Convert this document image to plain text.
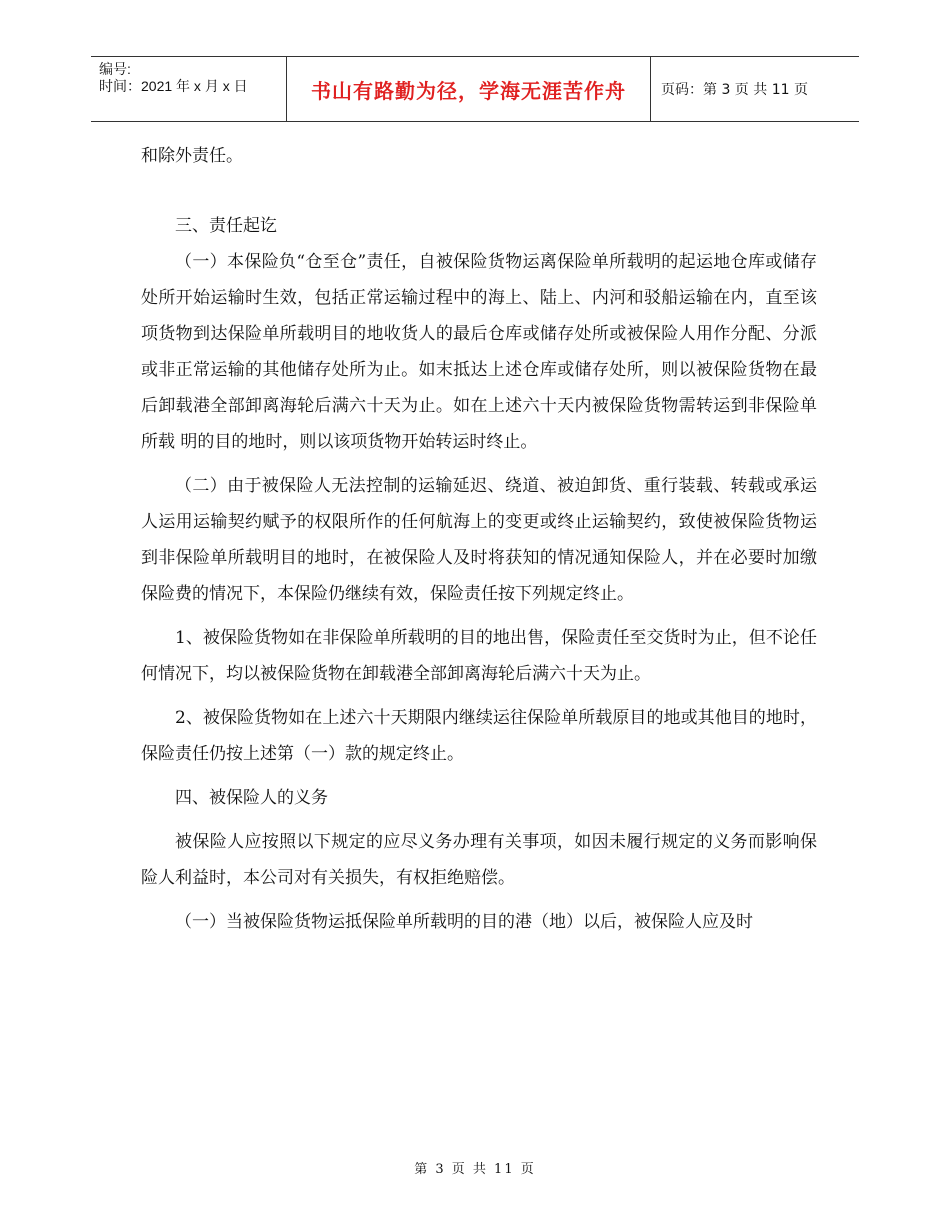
编号:
时间：2021 年 x 月 x 日	书山有路勤为径，学海无涯苦作舟	页码：第 3 页 共 11 页

和除外责任。

三、责任起讫

（一）本保险负“仓至仓”责任，自被保险货物运离保险单所载明的起运地仓库或储存处所开始运输时生效，包括正常运输过程中的海上、陆上、内河和驳船运输在内，直至该项货物到达保险单所载明目的地收货人的最后仓库或储存处所或被保险人用作分配、分派或非正常运输的其他储存处所为止。如末抵达上述仓库或储存处所，则以被保险货物在最后卸载港全部卸离海轮后满六十天为止。如在上述六十天内被保险货物需转运到非保险单所载 明的目的地时，则以该项货物开始转运时终止。

（二）由于被保险人无法控制的运输延迟、绕道、被迫卸货、重行装载、转载或承运人运用运输契约赋予的权限所作的任何航海上的变更或终止运输契约，致使被保险货物运到非保险单所载明目的地时，在被保险人及时将获知的情况通知保险人，并在必要时加缴保险费的情况下，本保险仍继续有效，保险责任按下列规定终止。

1、被保险货物如在非保险单所载明的目的地出售，保险责任至交货时为止，但不论任何情况下，均以被保险货物在卸载港全部卸离海轮后满六十天为止。

2、被保险货物如在上述六十天期限内继续运往保险单所载原目的地或其他目的地时，保险责任仍按上述第（一）款的规定终止。

四、被保险人的义务

被保险人应按照以下规定的应尽义务办理有关事项，如因未履行规定的义务而影响保险人利益时，本公司对有关损失，有权拒绝赔偿。

（一）当被保险货物运抵保险单所载明的目的港（地）以后，被保险人应及时

第 3 页 共 11 页
